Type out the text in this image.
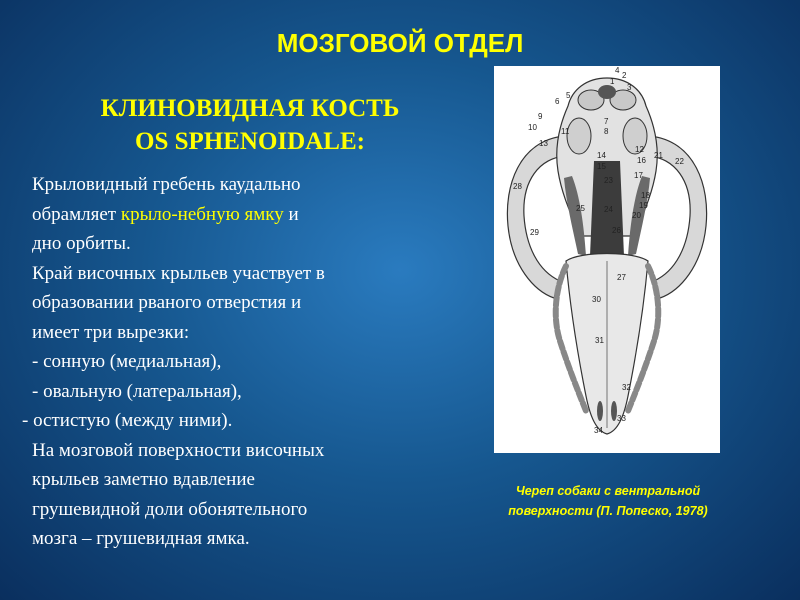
МОЗГОВОЙ ОТДЕЛ
КЛИНОВИДНАЯ КОСТЬ
OS SPHENOIDALE:

Крыловидный гребень каудально

обрамляет крыло-небную ямку и

дно орбиты.

Край височных крыльев участвует в

образовании рваного отверстия и

имеет три вырезки:

- сонную (медиальная),

- овальную (латеральная),

- остистую (между ними).

На мозговой поверхности височных

крыльев заметно вдавление

грушевидной доли обонятельного

мозга – грушевидная ямка.

1
2
3
4
5
6
7
8
9
10	11
12
13
14
15
16
17
18
19
20
21
22
23
24
25
26
27
28
29
30
31
32
33
34
Череп собаки с вентральной
поверхности (П. Попеско, 1978)
